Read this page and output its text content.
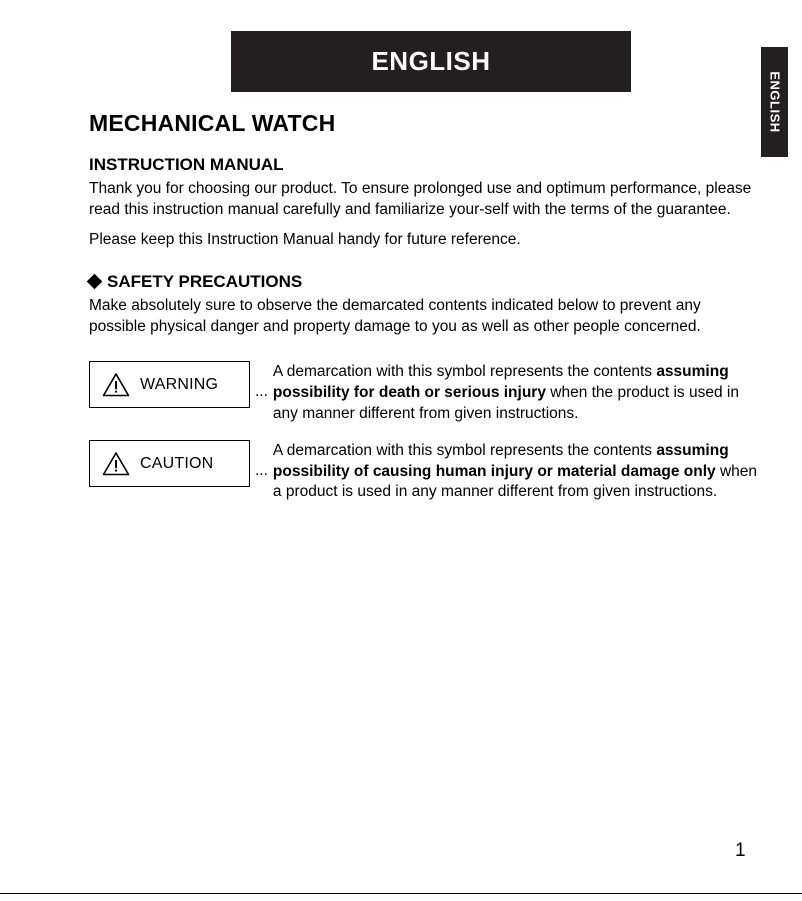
ENGLISH
ENGLISH
MECHANICAL WATCH
INSTRUCTION MANUAL

Thank you for choosing our product. To ensure prolonged use and optimum performance, please read this instruction manual carefully and familiarize your-self with the terms of the guarantee.

Please keep this Instruction Manual handy for future reference.

SAFETY PRECAUTIONS

Make absolutely sure to observe the demarcated contents indicated below to prevent any possible physical danger and property damage to you as well as other people concerned.

WARNING	...
A demarcation with this symbol represents the contents assuming possibility for death or serious injury when the product is used in any manner different from given instructions.
CAUTION	...
A demarcation with this symbol represents the contents assuming possibility of causing human injury or material damage only when a product is used in any manner different from given instructions.
1
